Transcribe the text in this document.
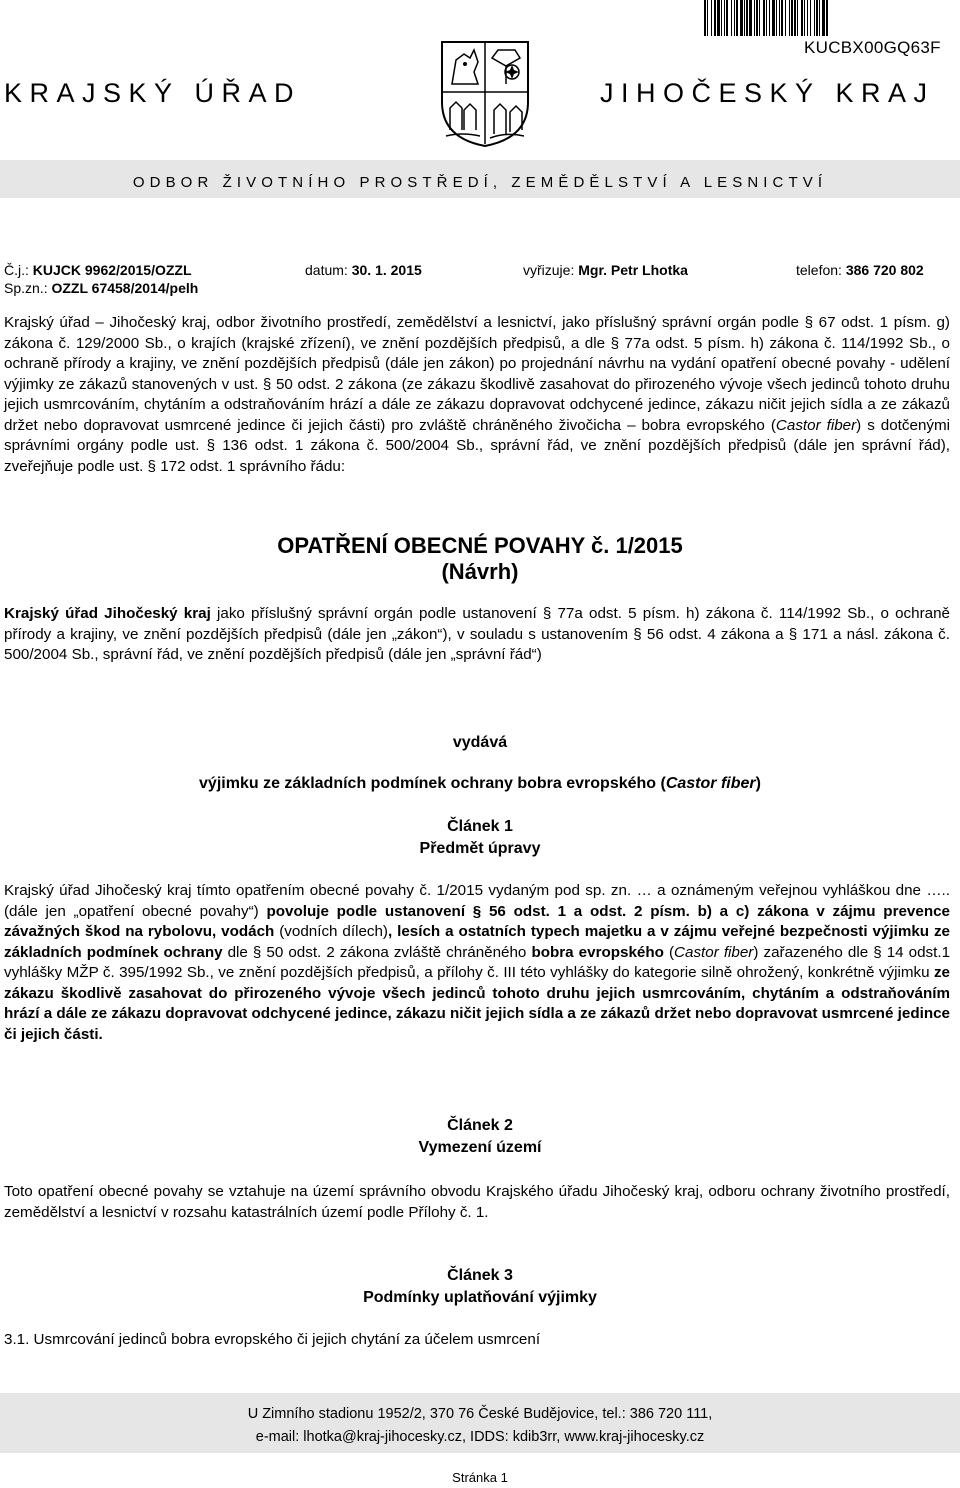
KUCBX00GQ63F
KRAJSKÝ ÚŘAD	JIHOČESKÝ KRAJ
ODBOR ŽIVOTNÍHO PROSTŘEDÍ, ZEMĚDĚLSTVÍ A LESNICTVÍ
Č.j.: KUJCK 9962/2015/OZZL	datum: 30. 1. 2015	vyřizuje: Mgr. Petr Lhotka	telefon: 386 720 802
Sp.zn.: OZZL 67458/2014/pelh
Krajský úřad – Jihočeský kraj, odbor životního prostředí, zemědělství a lesnictví, jako příslušný správní orgán podle § 67 odst. 1 písm. g) zákona č. 129/2000 Sb., o krajích (krajské zřízení), ve znění pozdějších předpisů, a dle § 77a odst. 5 písm. h) zákona č. 114/1992 Sb., o ochraně přírody a krajiny, ve znění pozdějších předpisů (dále jen zákon) po projednání návrhu na vydání opatření obecné povahy - udělení výjimky ze zákazů stanovených v ust. § 50 odst. 2 zákona (ze zákazu škodlivě zasahovat do přirozeného vývoje všech jedinců tohoto druhu jejich usmrcováním, chytáním a odstraňováním hrází a dále ze zákazu dopravovat odchycené jedince, zákazu ničit jejich sídla a ze zákazů držet nebo dopravovat usmrcené jedince či jejich části) pro zvláště chráněného živočicha – bobra evropského (Castor fiber) s dotčenými správními orgány podle ust. § 136 odst. 1 zákona č. 500/2004 Sb., správní řád, ve znění pozdějších předpisů (dále jen správní řád), zveřejňuje podle ust. § 172 odst. 1 správního řádu:
OPATŘENÍ OBECNÉ POVAHY č. 1/2015
(Návrh)
Krajský úřad Jihočeský kraj jako příslušný správní orgán podle ustanovení § 77a odst. 5 písm. h) zákona č. 114/1992 Sb., o ochraně přírody a krajiny, ve znění pozdějších předpisů (dále jen „zákon“), v souladu s ustanovením § 56 odst. 4 zákona a § 171 a násl. zákona č. 500/2004 Sb., správní řád, ve znění pozdějších předpisů (dále jen „správní řád“)
vydává
výjimku ze základních podmínek ochrany bobra evropského (Castor fiber)
Článek 1
Předmět úpravy
Krajský úřad Jihočeský kraj tímto opatřením obecné povahy č. 1/2015 vydaným pod sp. zn. … a oznámeným veřejnou vyhláškou dne ….. (dále jen „opatření obecné povahy“) povoluje podle ustanovení § 56 odst. 1 a odst. 2 písm. b) a c) zákona v zájmu prevence závažných škod na rybolovu, vodách (vodních dílech), lesích a ostatních typech majetku a v zájmu veřejné bezpečnosti výjimku ze základních podmínek ochrany dle § 50 odst. 2 zákona zvláště chráněného bobra evropského (Castor fiber) zařazeného dle § 14 odst.1 vyhlášky MŽP č. 395/1992 Sb., ve znění pozdějších předpisů, a přílohy č. III této vyhlášky do kategorie silně ohrožený, konkrétně výjimku ze zákazu škodlivě zasahovat do přirozeného vývoje všech jedinců tohoto druhu jejich usmrcováním, chytáním a odstraňováním hrází a dále ze zákazu dopravovat odchycené jedince, zákazu ničit jejich sídla a ze zákazů držet nebo dopravovat usmrcené jedince či jejich části.
Článek 2
Vymezení území
Toto opatření obecné povahy se vztahuje na území správního obvodu Krajského úřadu Jihočeský kraj, odboru ochrany životního prostředí, zemědělství a lesnictví v rozsahu katastrálních území podle Přílohy č. 1.
Článek 3
Podmínky uplatňování výjimky
3.1. Usmrcování jedinců bobra evropského či jejich chytání za účelem usmrcení
U Zimního stadionu 1952/2, 370 76 České Budějovice, tel.: 386 720 111,
e-mail: lhotka@kraj-jihocesky.cz, IDDS: kdib3rr, www.kraj-jihocesky.cz
Stránka 1
